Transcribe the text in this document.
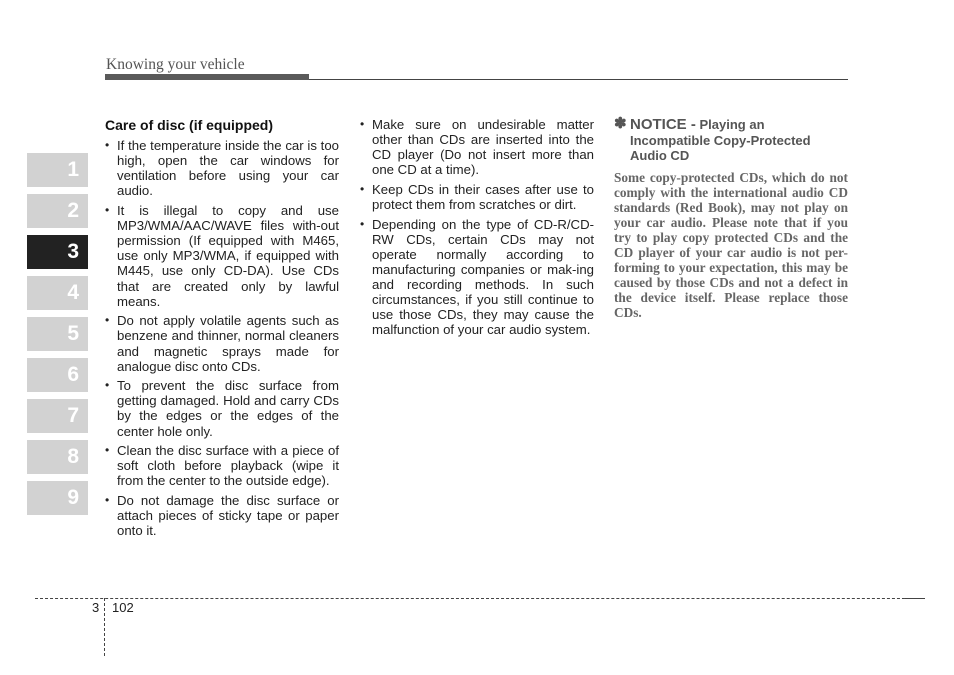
Knowing your vehicle
1
2
3
4
5
6
7
8
9
Care of disc (if equipped)
• If the temperature inside the car is too high, open the car windows for ventilation before using your car audio.
• It is illegal to copy and use MP3/WMA/AAC/WAVE files with-out permission (If equipped with M465, use only MP3/WMA, if equipped with M445, use only CD-DA). Use CDs that are created only by lawful means.
• Do not apply volatile agents such as benzene and thinner, normal cleaners and magnetic sprays made for analogue disc onto CDs.
• To prevent the disc surface from getting damaged. Hold and carry CDs by the edges or the edges of the center hole only.
• Clean the disc surface with a piece of soft cloth before playback (wipe it from the center to the outside edge).
• Do not damage the disc surface or attach pieces of sticky tape or paper onto it.
• Make sure on undesirable matter other than CDs are inserted into the CD player (Do not insert more than one CD at a time).
• Keep CDs in their cases after use to protect them from scratches or dirt.
• Depending on the type of CD-R/CD-RW CDs, certain CDs may not operate normally according to manufacturing companies or mak-ing and recording methods. In such circumstances, if you still continue to use those CDs, they may cause the malfunction of your car audio system.
✽ NOTICE - Playing an Incompatible Copy-Protected Audio CD
Some copy-protected CDs, which do not comply with the international audio CD standards (Red Book), may not play on your car audio. Please note that if you try to play copy protected CDs and the CD player of your car audio is not per-forming to your expectation, this may be caused by those CDs and not a defect in the device itself. Please replace those CDs.
3 102
